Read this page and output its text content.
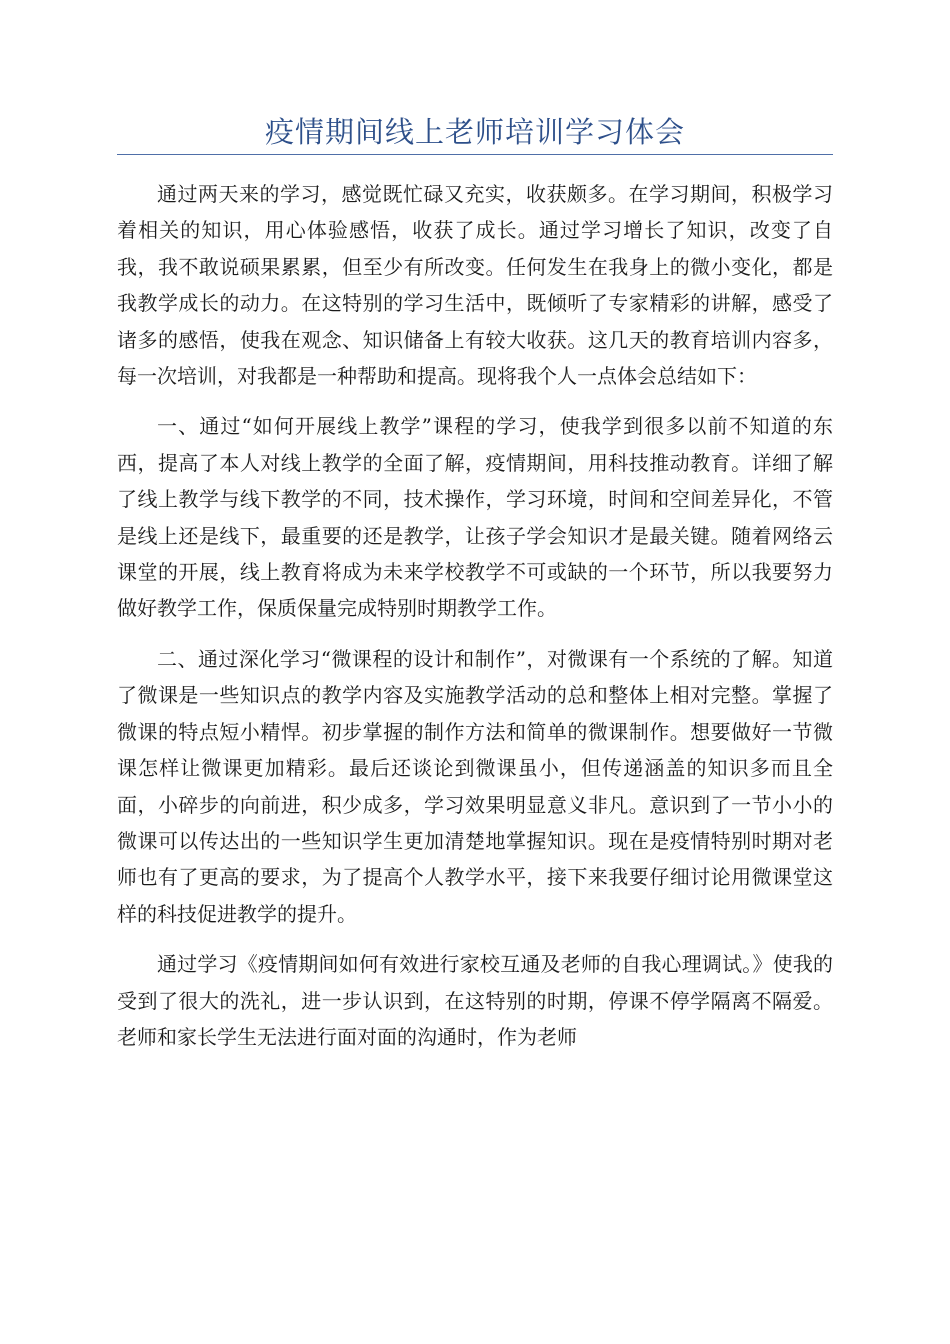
疫情期间线上老师培训学习体会

通过两天来的学习，感觉既忙碌又充实，收获颇多。在学习期间，积极学习着相关的知识，用心体验感悟，收获了成长。通过学习增长了知识，改变了自我，我不敢说硕果累累，但至少有所改变。任何发生在我身上的微小变化，都是我教学成长的动力。在这特别的学习生活中，既倾听了专家精彩的讲解，感受了诸多的感悟，使我在观念、知识储备上有较大收获。这几天的教育培训内容多，每一次培训，对我都是一种帮助和提高。现将我个人一点体会总结如下：

一、通过“如何开展线上教学”课程的学习，使我学到很多以前不知道的东西，提高了本人对线上教学的全面了解，疫情期间，用科技推动教育。详细了解了线上教学与线下教学的不同，技术操作，学习环境，时间和空间差异化，不管是线上还是线下，最重要的还是教学，让孩子学会知识才是最关键。随着网络云课堂的开展，线上教育将成为未来学校教学不可或缺的一个环节，所以我要努力做好教学工作，保质保量完成特别时期教学工作。

二、通过深化学习“微课程的设计和制作”，对微课有一个系统的了解。知道了微课是一些知识点的教学内容及实施教学活动的总和整体上相对完整。掌握了微课的特点短小精悍。初步掌握的制作方法和简单的微课制作。想要做好一节微课怎样让微课更加精彩。最后还谈论到微课虽小，但传递涵盖的知识多而且全面，小碎步的向前进，积少成多，学习效果明显意义非凡。意识到了一节小小的微课可以传达出的一些知识学生更加清楚地掌握知识。现在是疫情特别时期对老师也有了更高的要求，为了提高个人教学水平，接下来我要仔细讨论用微课堂这样的科技促进教学的提升。

通过学习《疫情期间如何有效进行家校互通及老师的自我心理调试。》使我的受到了很大的洗礼，进一步认识到，在这特别的时期，停课不停学隔离不隔爱。老师和家长学生无法进行面对面的沟通时，作为老师
